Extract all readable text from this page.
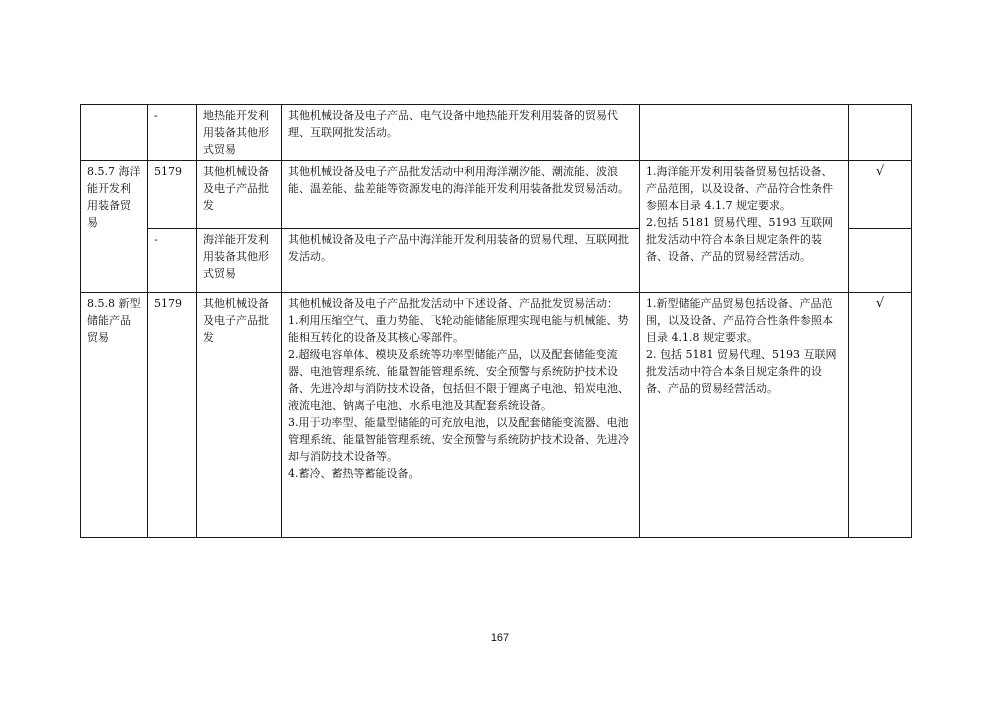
	-	地热能开发利用装备其他形式贸易	其他机械设备及电子产品、电气设备中地热能开发利用装备的贸易代理、互联网批发活动。		
8.5.7 海洋能开发利用装备贸易	5179	其他机械设备及电子产品批发	其他机械设备及电子产品批发活动中利用海洋潮汐能、潮流能、波浪能、温差能、盐差能等资源发电的海洋能开发利用装备批发贸易活动。	1.海洋能开发利用装备贸易包括设备、产品范围，以及设备、产品符合性条件参照本目录 4.1.7 规定要求。
2.包括 5181 贸易代理、5193 互联网批发活动中符合本条目规定条件的装备、设备、产品的贸易经营活动。	√
	-	海洋能开发利用装备其他形式贸易	其他机械设备及电子产品中海洋能开发利用装备的贸易代理、互联网批发活动。		
8.5.8 新型储能产品贸易	5179	其他机械设备及电子产品批发	其他机械设备及电子产品批发活动中下述设备、产品批发贸易活动：
1.利用压缩空气、重力势能、飞轮动能储能原理实现电能与机械能、势能相互转化的设备及其核心零部件。
2.超级电容单体、模块及系统等功率型储能产品，以及配套储能变流器、电池管理系统、能量智能管理系统、安全预警与系统防护技术设备、先进冷却与消防技术设备，包括但不限于锂离子电池、铅炭电池、液流电池、钠离子电池、水系电池及其配套系统设备。
3.用于功率型、能量型储能的可充放电池，以及配套储能变流器、电池管理系统、能量智能管理系统、安全预警与系统防护技术设备、先进冷却与消防技术设备等。
4.蓄冷、蓄热等蓄能设备。	1.新型储能产品贸易包括设备、产品范围，以及设备、产品符合性条件参照本目录 4.1.8 规定要求。
2. 包括 5181 贸易代理、5193 互联网批发活动中符合本条目规定条件的设备、产品的贸易经营活动。	√
167
